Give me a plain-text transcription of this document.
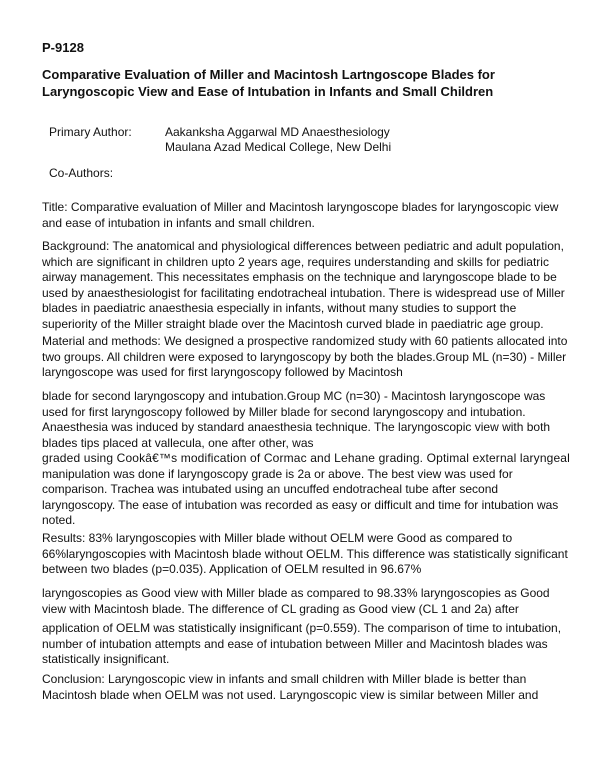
P-9128
Comparative Evaluation of Miller and Macintosh Lartngoscope Blades for
Laryngoscopic View and Ease of Intubation in Infants and Small Children
Primary Author:	Aakanksha Aggarwal MD Anaesthesiology
Maulana Azad Medical College, New Delhi
Co-Authors:
Title: Comparative evaluation of Miller and Macintosh laryngoscope blades for laryngoscopic view
and ease of intubation in infants and small children.
Background: The anatomical and physiological differences between pediatric and adult population,
which are significant in children upto 2 years age, requires understanding and skills for pediatric
airway management. This necessitates emphasis on the technique and laryngoscope blade to be
used by anaesthesiologist for facilitating endotracheal intubation. There is widespread use of Miller
blades in paediatric anaesthesia especially in infants, without many studies to support the
superiority of the Miller straight blade over the Macintosh curved blade in paediatric age group.
Material and methods: We designed a prospective randomized study with 60 patients allocated into
two groups. All children were exposed to laryngoscopy by both the blades.Group ML (n=30) - Miller
laryngoscope was used for first laryngoscopy followed by Macintosh
blade for second laryngoscopy and intubation.Group MC (n=30) - Macintosh laryngoscope was
used for first laryngoscopy followed by Miller blade for second laryngoscopy and intubation.
Anaesthesia was induced by standard anaesthesia technique. The laryngoscopic view with both
blades tips placed at vallecula, one after other, was
graded using Cookâ€™s modification of Cormac and Lehane grading. Optimal external laryngeal
manipulation was done if laryngoscopy grade is 2a or above. The best view was used for
comparison. Trachea was intubated using an uncuffed endotracheal tube after second
laryngoscopy. The ease of intubation was recorded as easy or difficult and time for intubation was
noted.
Results: 83% laryngoscopies with Miller blade without OELM were Good as compared to
66%laryngoscopies with Macintosh blade without OELM. This difference was statistically significant
between two blades (p=0.035). Application of OELM resulted in 96.67%
laryngoscopies as Good view with Miller blade as compared to 98.33% laryngoscopies as Good
view with Macintosh blade. The difference of CL grading as Good view (CL 1 and 2a) after
application of OELM was statistically insignificant (p=0.559). The comparison of time to intubation,
number of intubation attempts and ease of intubation between Miller and Macintosh blades was
statistically insignificant.
Conclusion: Laryngoscopic view in infants and small children with Miller blade is better than
Macintosh blade when OELM was not used. Laryngoscopic view is similar between Miller and
